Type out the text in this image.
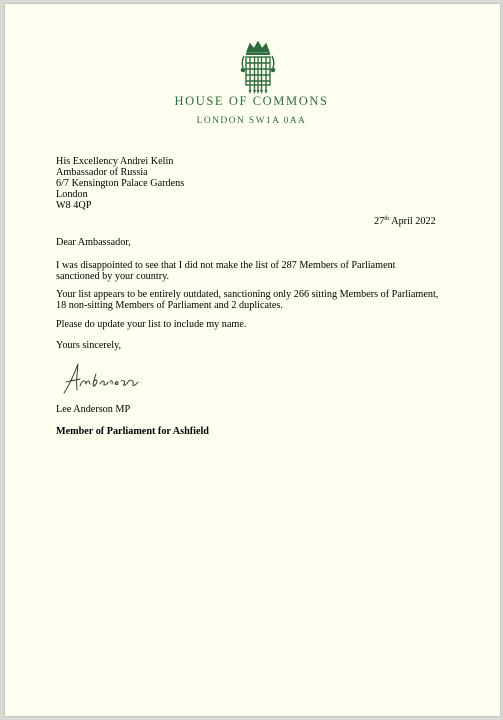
HOUSE OF COMMONS
LONDON SW1A 0AA
His Excellency Andrei Kelin
Ambassador of Russia
6/7 Kensington Palace Gardens
London
W8 4QP
27th April 2022
Dear Ambassador,
I was disappointed to see that I did not make the list of 287 Members of Parliament
sanctioned by your country.
Your list appears to be entirely outdated, sanctioning only 266 sitting Members of Parliament,
18 non-sitting Members of Parliament and 2 duplicates.
Please do update your list to include my name.
Yours sincerely,
Lee Anderson MP
Member of Parliament for Ashfield
